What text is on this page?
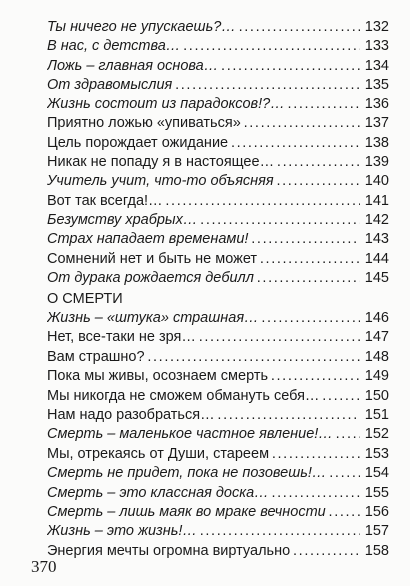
Ты ничего не упускаешь?… . . .	132
В нас, с детства… . . .	133
Ложь – главная основа… . . .	134
От здравомыслия . . .	135
Жизнь состоит из парадоксов!?… . . .	136
Приятно ложью «упиваться» . . .	137
Цель порождает ожидание . . .	138
Никак не попаду я в настоящее… . . .	139
Учитель учит, что-то объясняя . . .	140
Вот так всегда!… . . .	141
Безумству храбрых… . . .	142
Страх нападает временами! . . .	143
Сомнений нет и быть не может . . .	144
От дурака рождается дебилл . . .	145
О СМЕРТИ
Жизнь – «штука» страшная… . . .	146
Нет, все-таки не зря… . . .	147
Вам страшно? . . .	148
Пока мы живы, осознаем смерть . . .	149
Мы никогда не сможем обмануть себя… . . .	150
Нам надо разобраться… . . .	151
Смерть – маленькое частное явление!… . . .	152
Мы, отрекаясь от Души, стареем . . .	153
Смерть не придет, пока не позовешь!… . . .	154
Смерть – это классная доска… . . .	155
Смерть – лишь маяк во мраке вечности . . .	156
Жизнь – это жизнь!… . . .	157
Энергия мечты огромна виртуально . . .	158
370
